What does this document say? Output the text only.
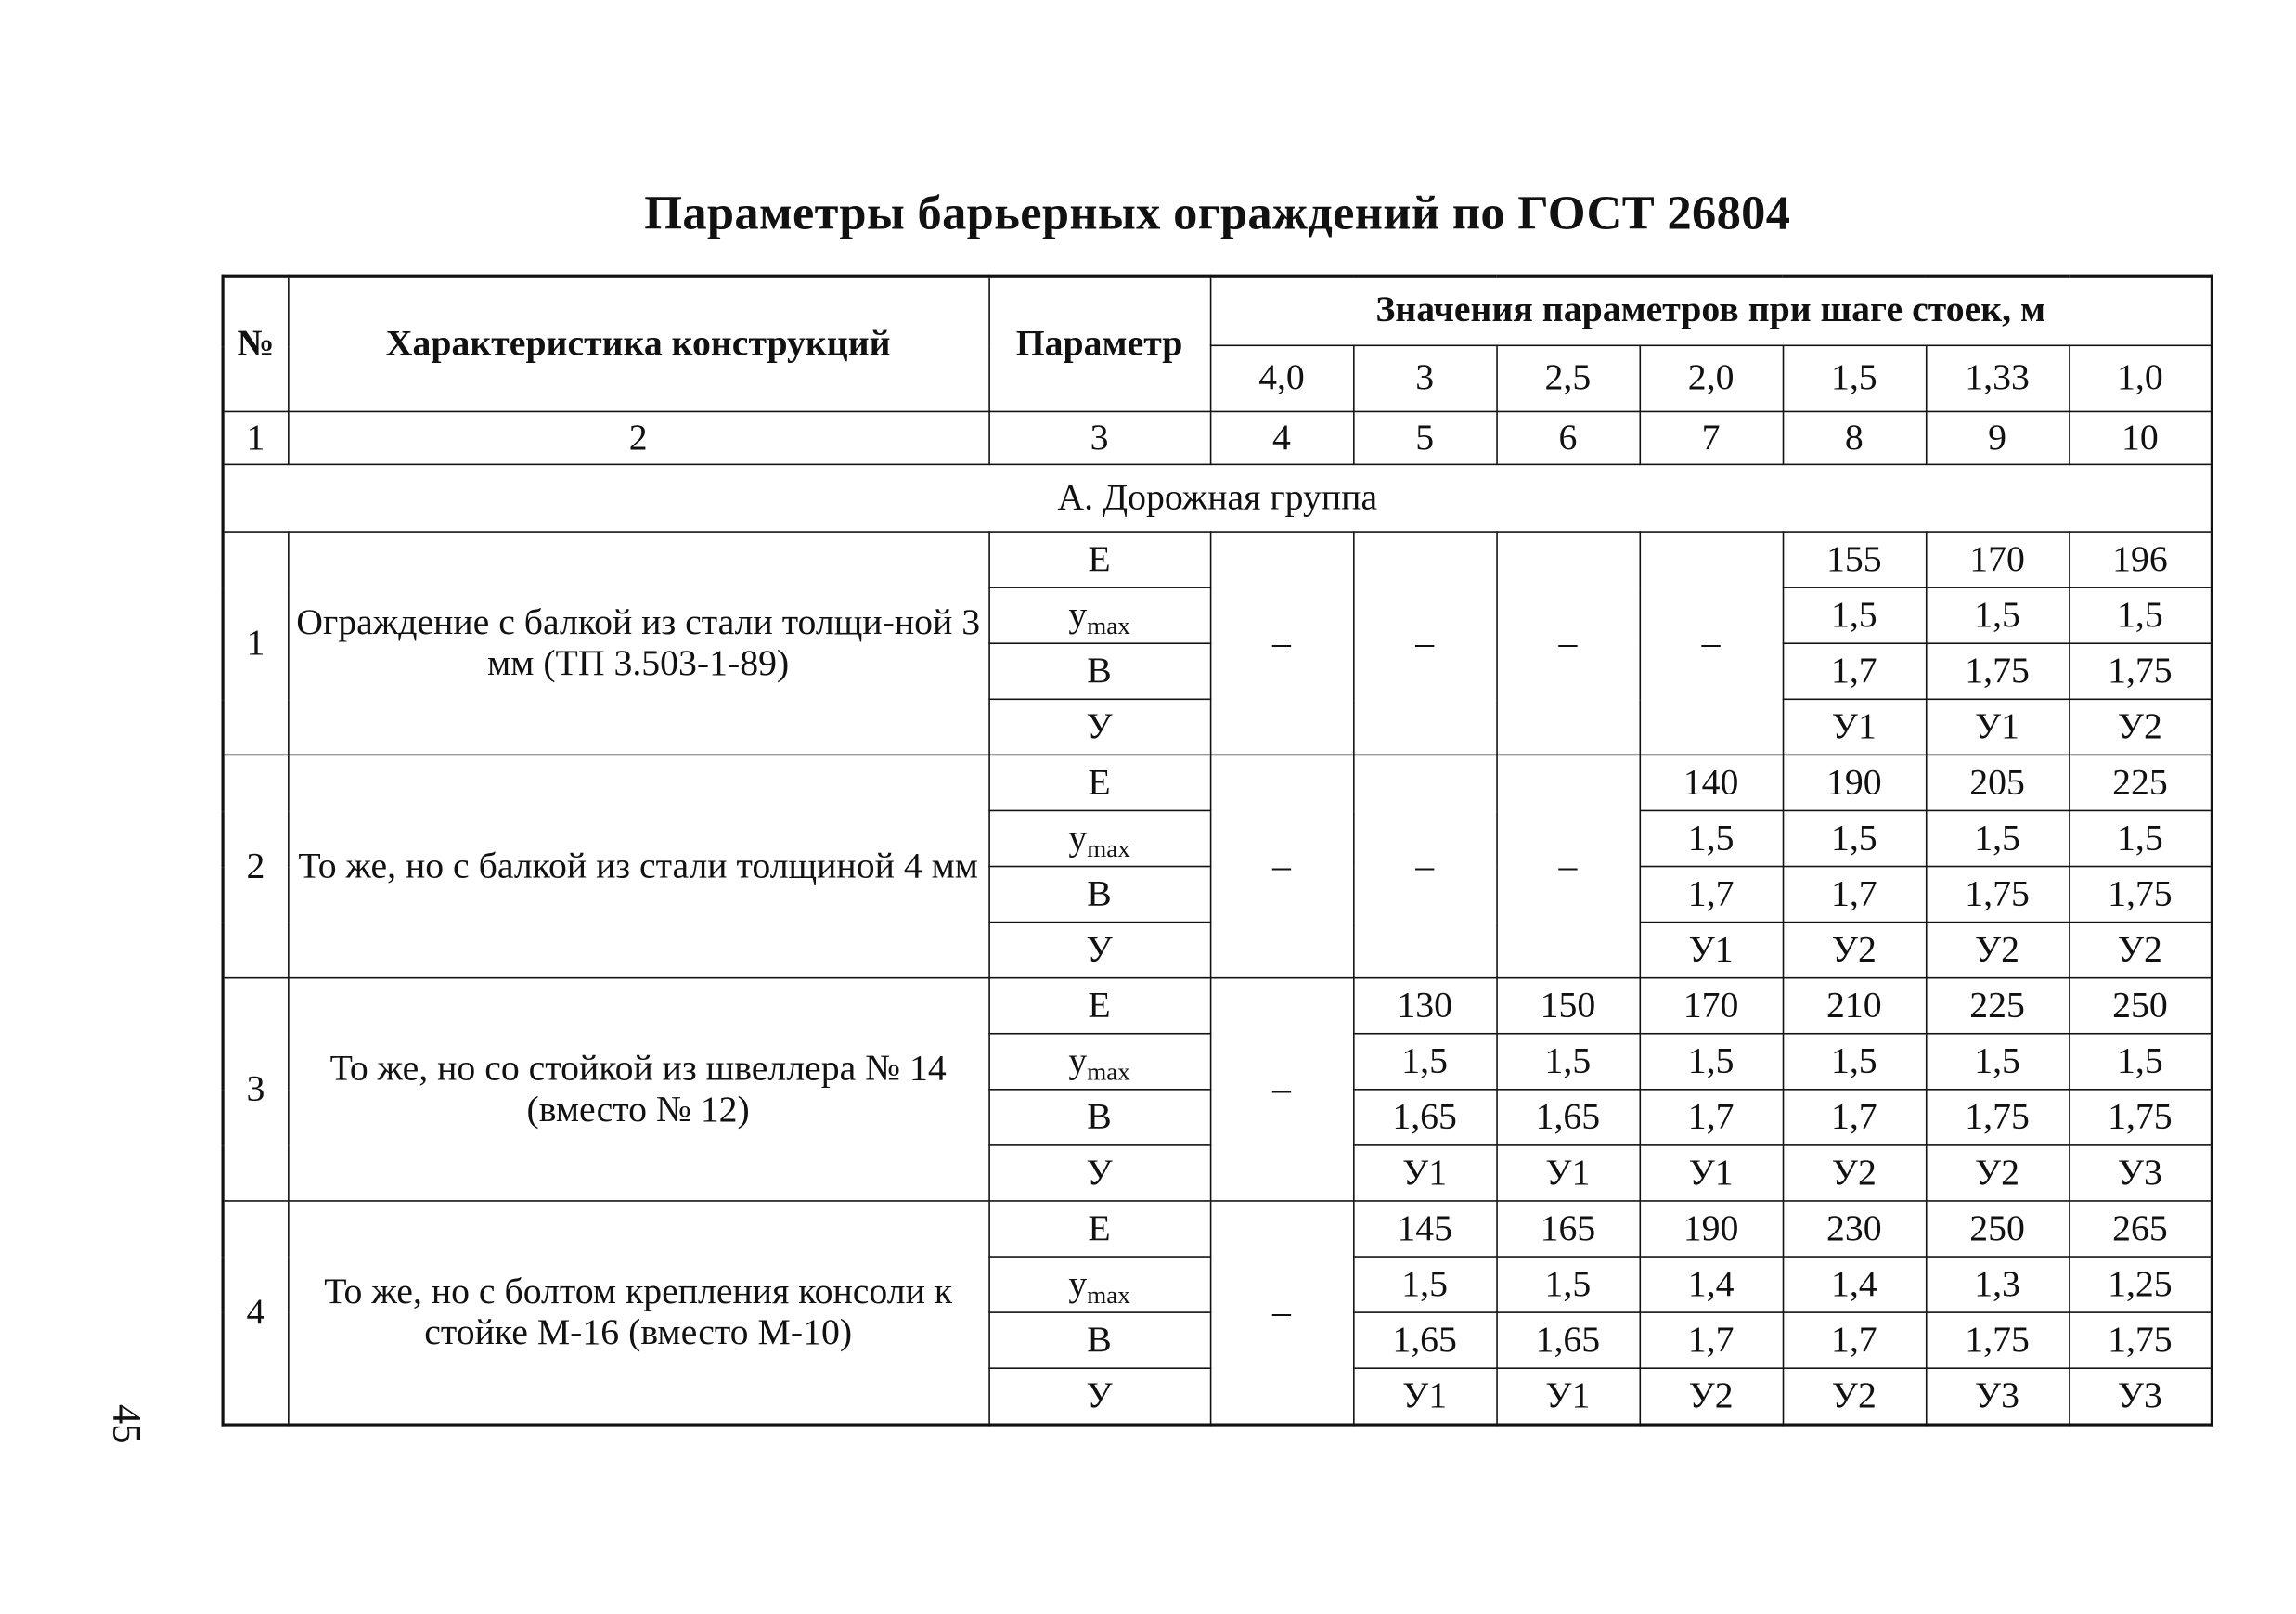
Параметры барьерных ограждений по ГОСТ 26804
№	Характеристика конструкций	Параметр	Значения параметров при шаге стоек, м						
			4,0	3	2,5	2,0	1,5	1,33	1,0
1	2	3	4	5	6	7	8	9	10
А. Дорожная группа									
1	Ограждение с балкой из стали толщи-ной 3 мм (ТП 3.503-1-89)	Е	–	–	–	–	155	170	196
		$y_{max}$					1,5	1,5	1,5
		В					1,7	1,75	1,75
		У					У1	У1	У2
2	То же, но с балкой из стали толщиной 4 мм	Е	–	–	–	140	190	205	225
		$y_{max}$				1,5	1,5	1,5	1,5
		В				1,7	1,7	1,75	1,75
		У				У1	У2	У2	У2
3	То же, но со стойкой из швеллера № 14 (вместо № 12)	Е	–	130	150	170	210	225	250
		$y_{max}$		1,5	1,5	1,5	1,5	1,5	1,5
		В		1,65	1,65	1,7	1,7	1,75	1,75
		У		У1	У1	У1	У2	У2	У3
4	То же, но с болтом крепления консоли к стойке М-16 (вместо М-10)	Е	–	145	165	190	230	250	265
		$y_{max}$		1,5	1,5	1,4	1,4	1,3	1,25
		В		1,65	1,65	1,7	1,7	1,75	1,75
		У		У1	У1	У2	У2	У3	У3
45
